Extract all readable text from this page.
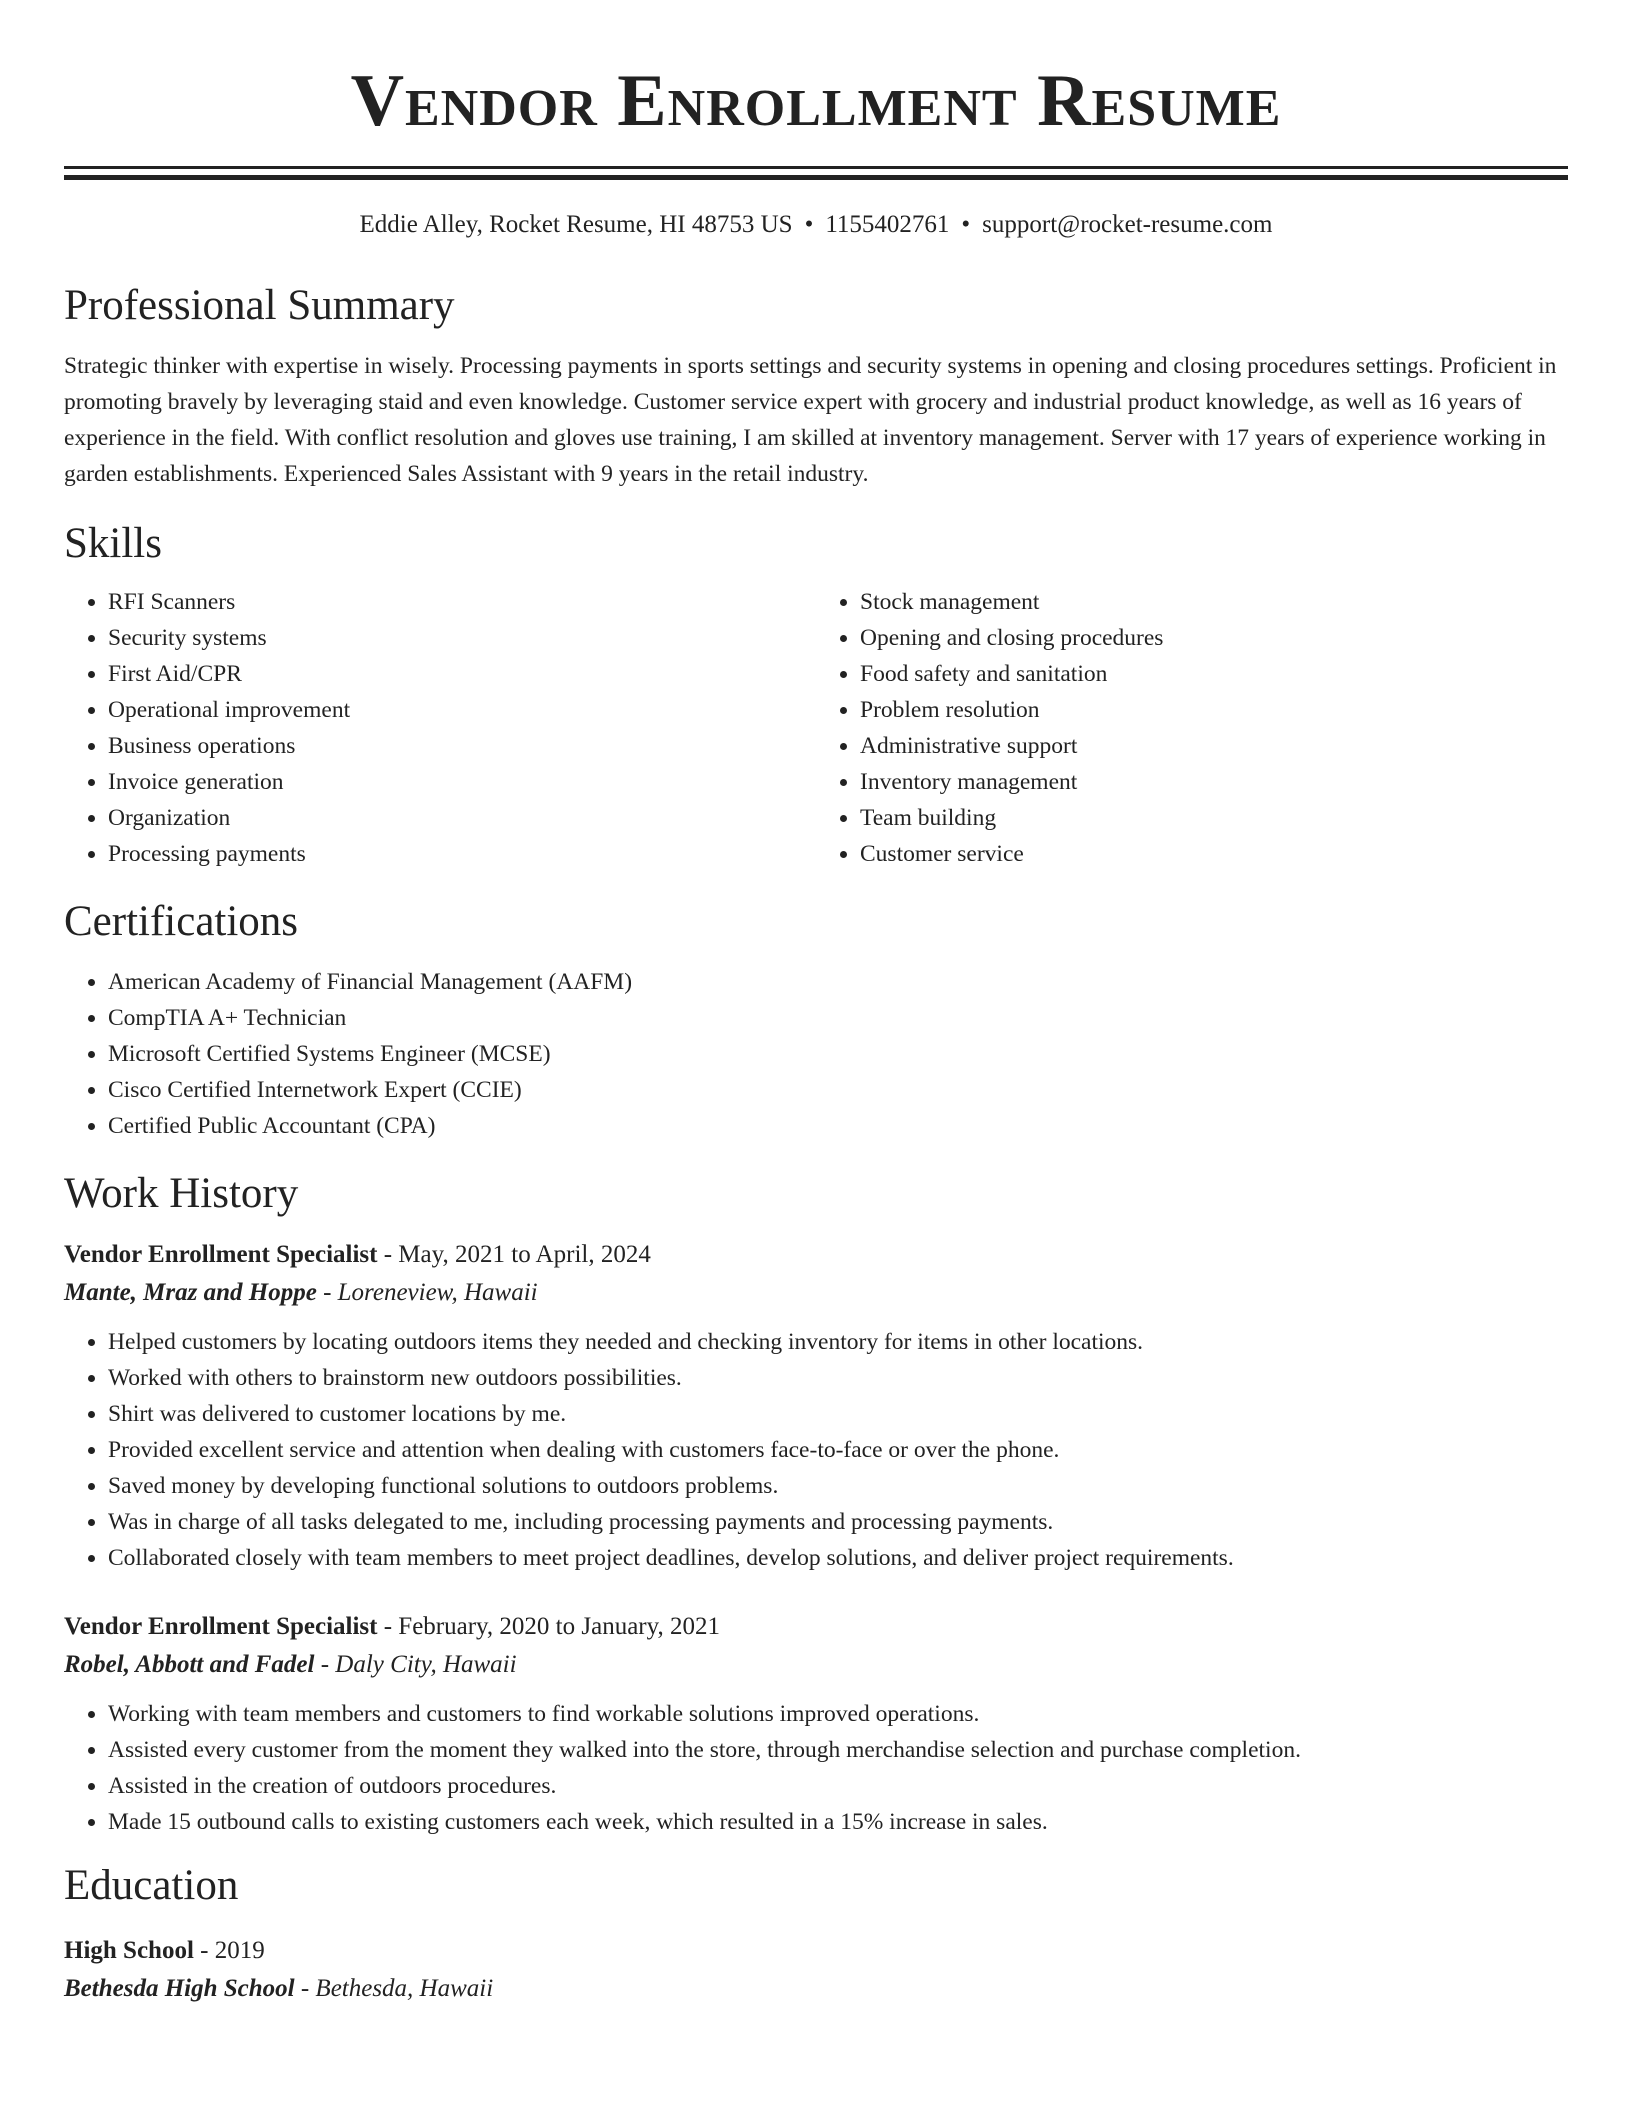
Vendor Enrollment Resume
Eddie Alley, Rocket Resume, HI 48753 US • 1155402761 • support@rocket-resume.com
Professional Summary
Strategic thinker with expertise in wisely. Processing payments in sports settings and security systems in opening and closing procedures settings. Proficient in promoting bravely by leveraging staid and even knowledge. Customer service expert with grocery and industrial product knowledge, as well as 16 years of experience in the field. With conflict resolution and gloves use training, I am skilled at inventory management. Server with 17 years of experience working in garden establishments. Experienced Sales Assistant with 9 years in the retail industry.
Skills
• RFI Scanners
• Security systems
• First Aid/CPR
• Operational improvement
• Business operations
• Invoice generation
• Organization
• Processing payments
• Stock management
• Opening and closing procedures
• Food safety and sanitation
• Problem resolution
• Administrative support
• Inventory management
• Team building
• Customer service
Certifications
• American Academy of Financial Management (AAFM)
• CompTIA A+ Technician
• Microsoft Certified Systems Engineer (MCSE)
• Cisco Certified Internetwork Expert (CCIE)
• Certified Public Accountant (CPA)
Work History
Vendor Enrollment Specialist - May, 2021 to April, 2024
Mante, Mraz and Hoppe - Loreneview, Hawaii
• Helped customers by locating outdoors items they needed and checking inventory for items in other locations.
• Worked with others to brainstorm new outdoors possibilities.
• Shirt was delivered to customer locations by me.
• Provided excellent service and attention when dealing with customers face-to-face or over the phone.
• Saved money by developing functional solutions to outdoors problems.
• Was in charge of all tasks delegated to me, including processing payments and processing payments.
• Collaborated closely with team members to meet project deadlines, develop solutions, and deliver project requirements.
Vendor Enrollment Specialist - February, 2020 to January, 2021
Robel, Abbott and Fadel - Daly City, Hawaii
• Working with team members and customers to find workable solutions improved operations.
• Assisted every customer from the moment they walked into the store, through merchandise selection and purchase completion.
• Assisted in the creation of outdoors procedures.
• Made 15 outbound calls to existing customers each week, which resulted in a 15% increase in sales.
Education
High School - 2019
Bethesda High School - Bethesda, Hawaii
